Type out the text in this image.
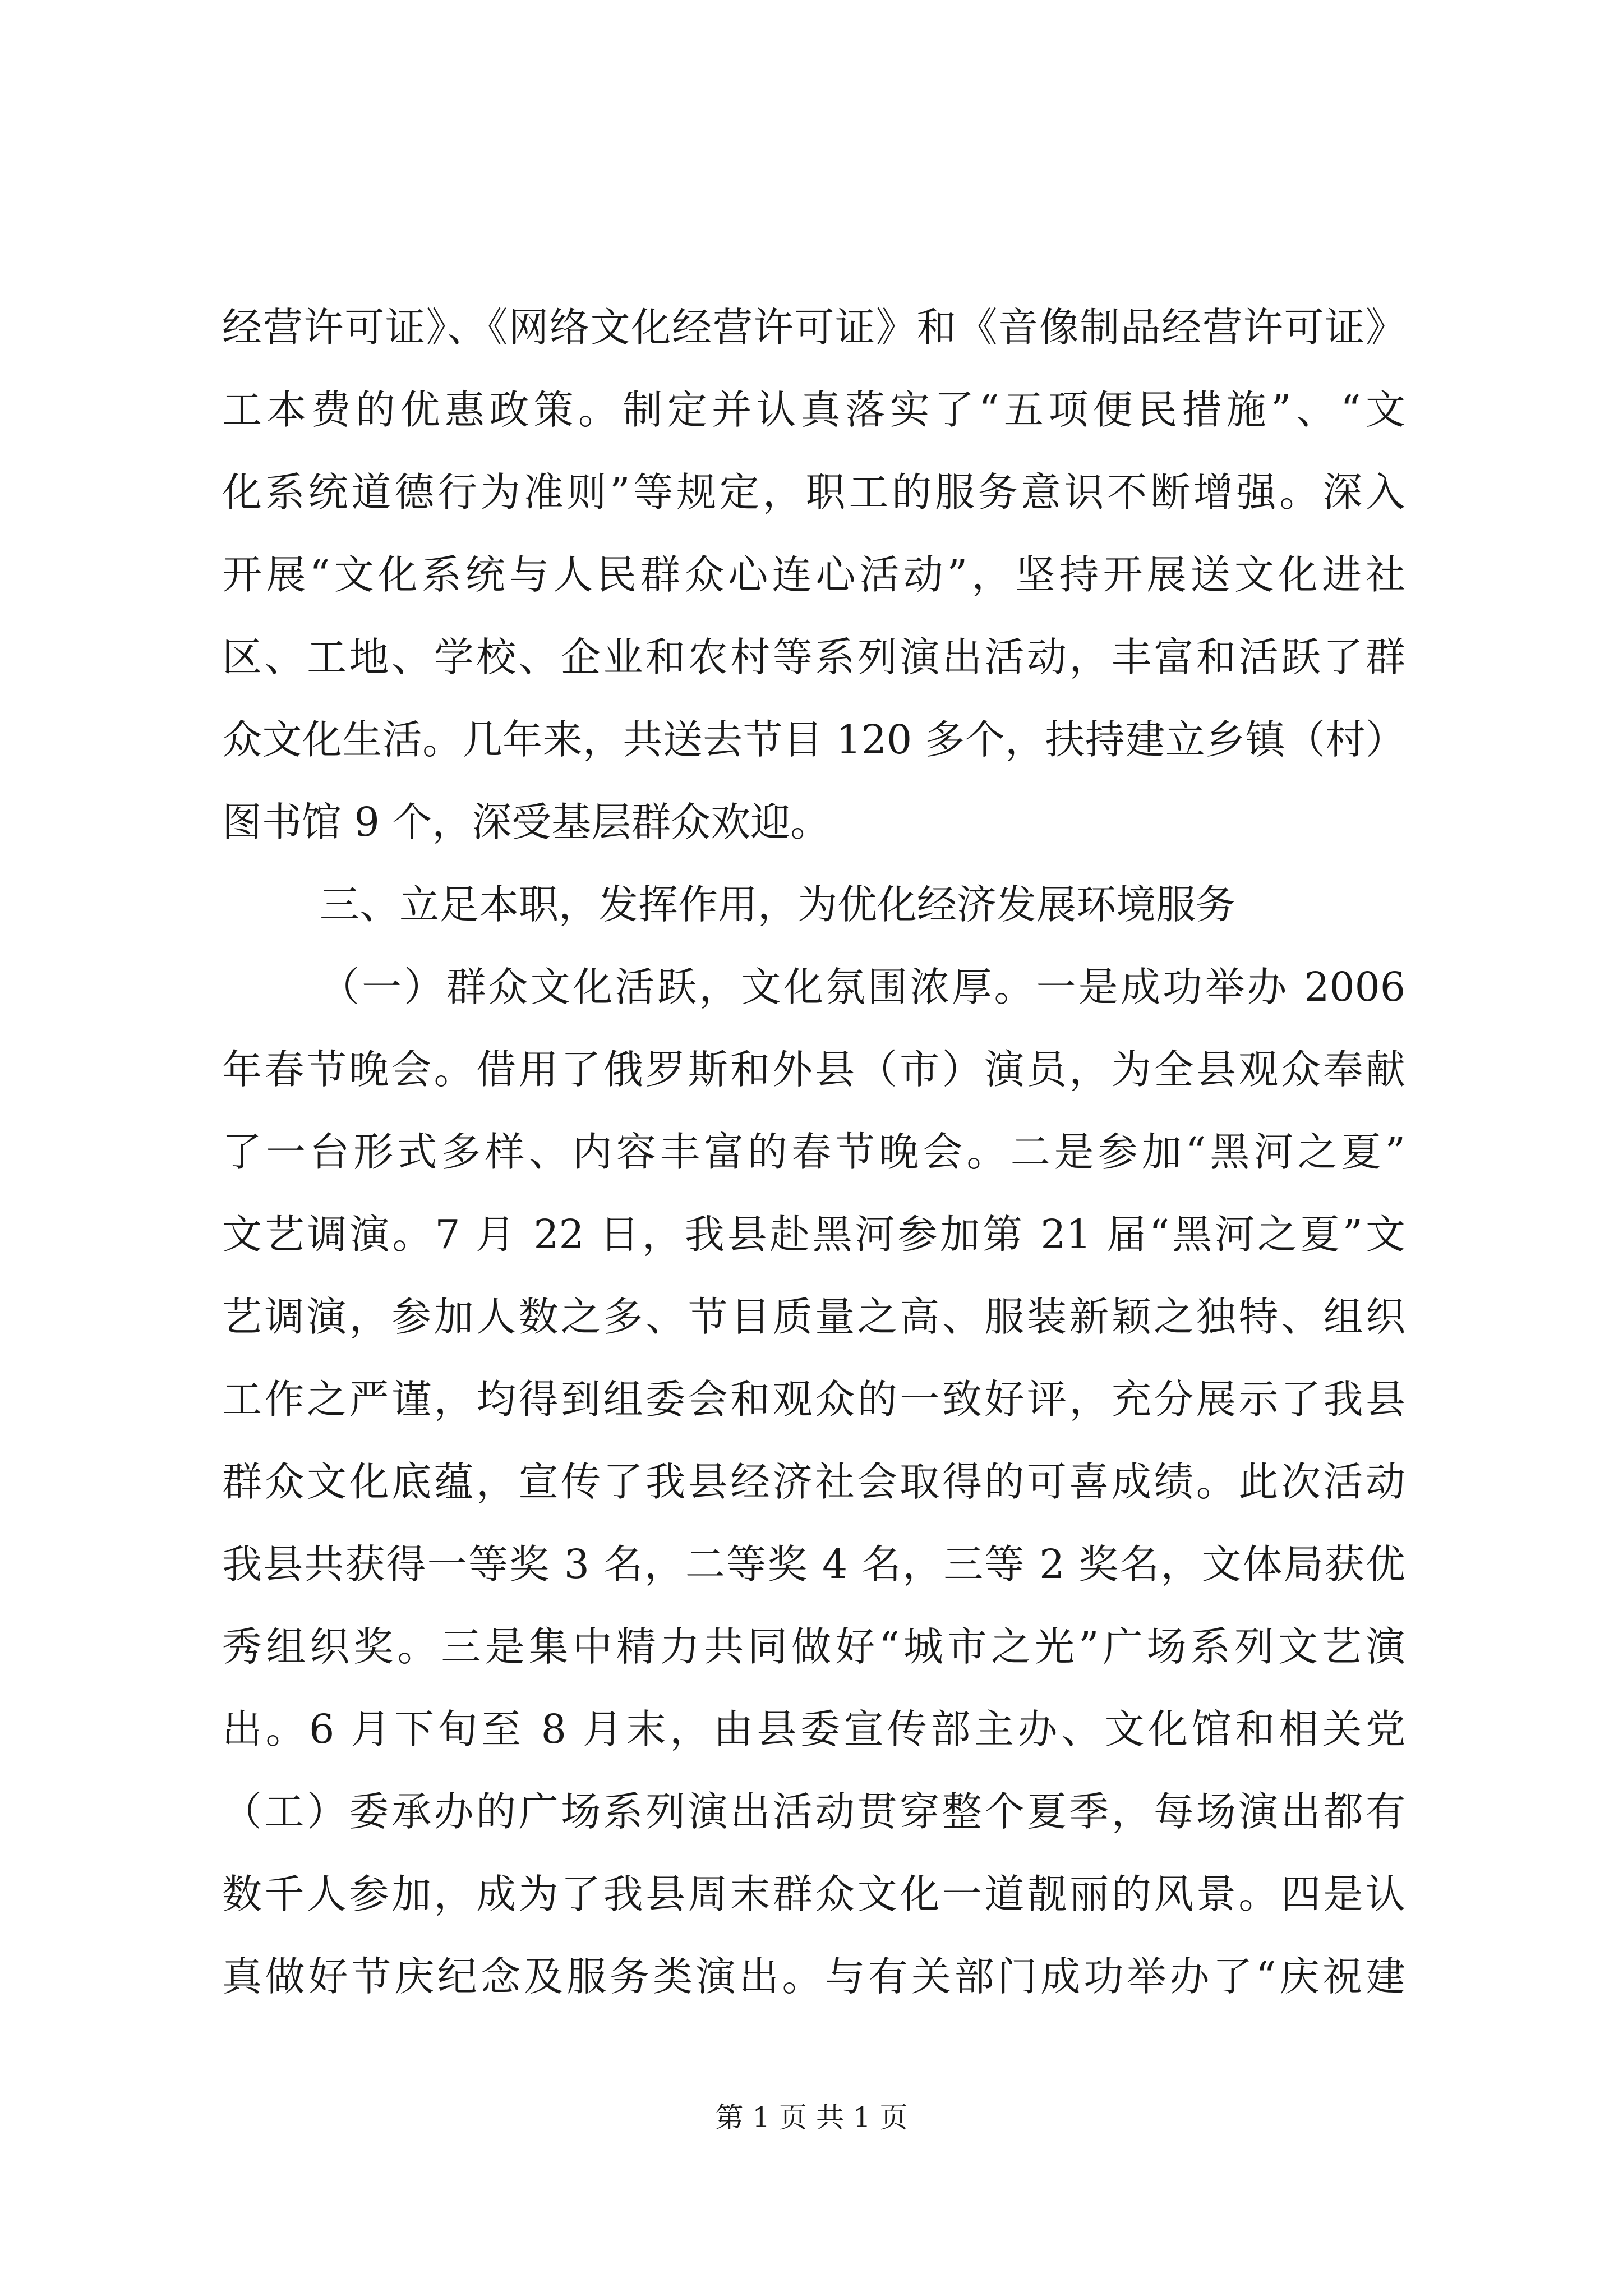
经营许可证》、《网络文化经营许可证》和《音像制品经营许可证》
工本费的优惠政策。制定并认真落实了“五项便民措施”、“文
化系统道德行为准则”等规定，职工的服务意识不断增强。深入
开展“文化系统与人民群众心连心活动”，坚持开展送文化进社
区、工地、学校、企业和农村等系列演出活动，丰富和活跃了群
众文化生活。几年来，共送去节目 120 多个，扶持建立乡镇（村）
图书馆 9 个，深受基层群众欢迎。
三、立足本职，发挥作用，为优化经济发展环境服务
（一）群众文化活跃，文化氛围浓厚。一是成功举办 2006
年春节晚会。借用了俄罗斯和外县（市）演员，为全县观众奉献
了一台形式多样、内容丰富的春节晚会。二是参加“黑河之夏”
文艺调演。7 月 22 日，我县赴黑河参加第 21 届“黑河之夏”文
艺调演，参加人数之多、节目质量之高、服装新颖之独特、组织
工作之严谨，均得到组委会和观众的一致好评，充分展示了我县
群众文化底蕴，宣传了我县经济社会取得的可喜成绩。此次活动
我县共获得一等奖 3 名，二等奖 4 名，三等 2 奖名，文体局获优
秀组织奖。三是集中精力共同做好“城市之光”广场系列文艺演
出。6 月下旬至 8 月末，由县委宣传部主办、文化馆和相关党
（工）委承办的广场系列演出活动贯穿整个夏季，每场演出都有
数千人参加，成为了我县周末群众文化一道靓丽的风景。四是认
真做好节庆纪念及服务类演出。与有关部门成功举办了“庆祝建
第 1 页 共 1 页
